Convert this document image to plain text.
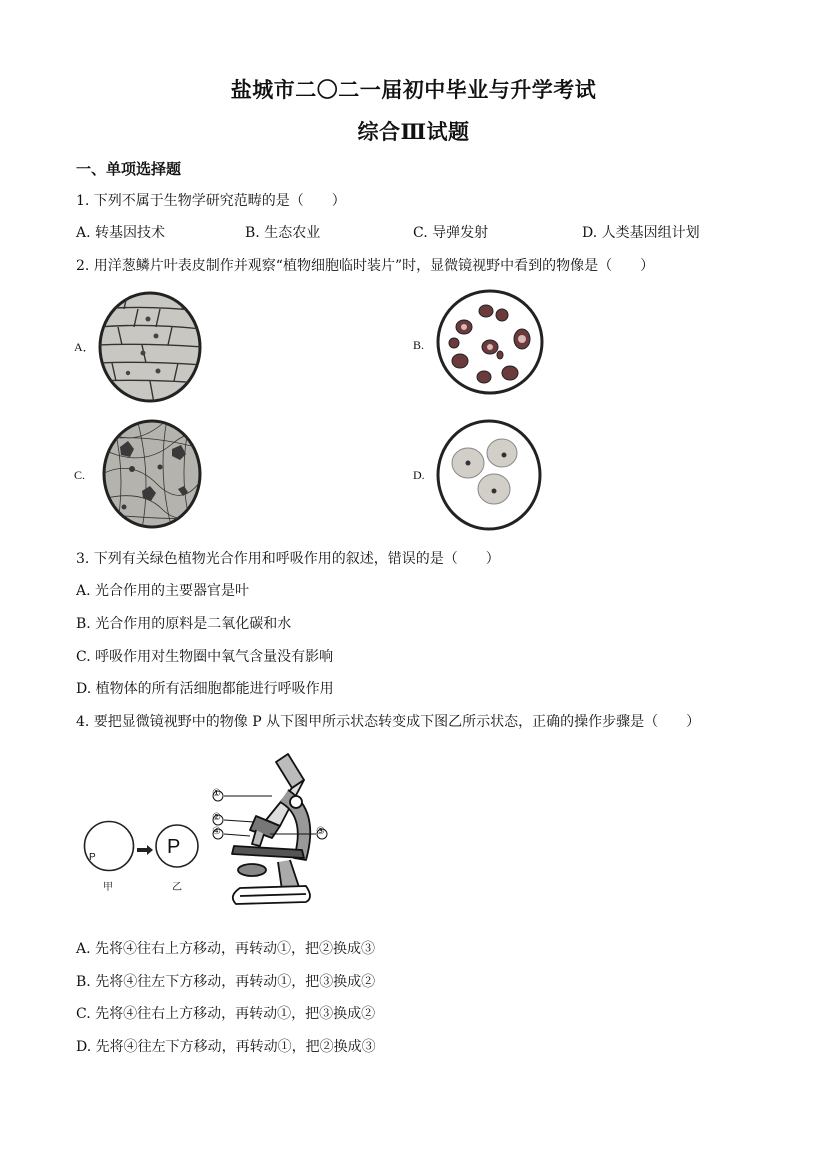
盐城市二〇二一届初中毕业与升学考试
综合Ⅲ试题
一、单项选择题
1. 下列不属于生物学研究范畴的是（　　）
A. 转基因技术	B. 生态农业	C. 导弹发射	D. 人类基因组计划
2. 用洋葱鳞片叶表皮制作并观察“植物细胞临时装片”时，显微镜视野中看到的物像是（　　）
A．	B.
C.	D.
3. 下列有关绿色植物光合作用和呼吸作用的叙述，错误的是（　　）
A. 光合作用的主要器官是叶
B. 光合作用的原料是二氧化碳和水
C. 呼吸作用对生物圈中氧气含量没有影响
D. 植物体的所有活细胞都能进行呼吸作用
4. 要把显微镜视野中的物像 P 从下图甲所示状态转变成下图乙所示状态，正确的操作步骤是（　　）
P
甲
P
乙
①
②
③
④
A. 先将④往右上方移动，再转动①，把②换成③
B. 先将④往左下方移动，再转动①，把③换成②
C. 先将④往右上方移动，再转动①，把③换成②
D. 先将④往左下方移动，再转动①，把②换成③
